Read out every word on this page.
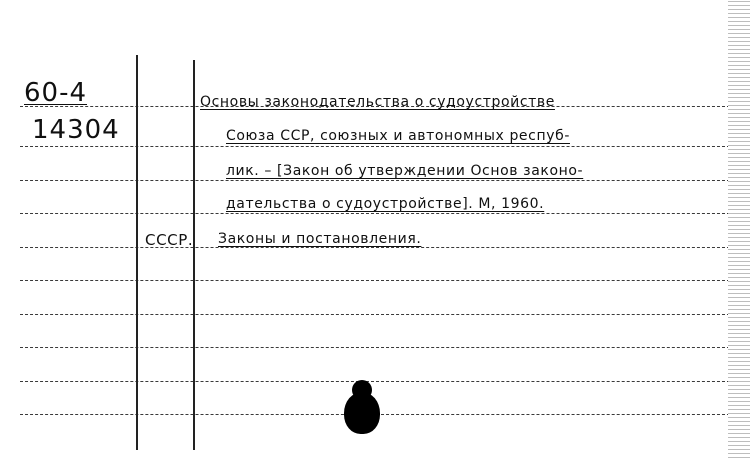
60-4
14304
Основы законодательства о судоустройстве
Союза ССР, союзных и автономных респуб-
лик. – [Закон об утверждении Основ законо-
дательства о судоустройстве]. М, 1960.
СССР. Законы и постановления.
